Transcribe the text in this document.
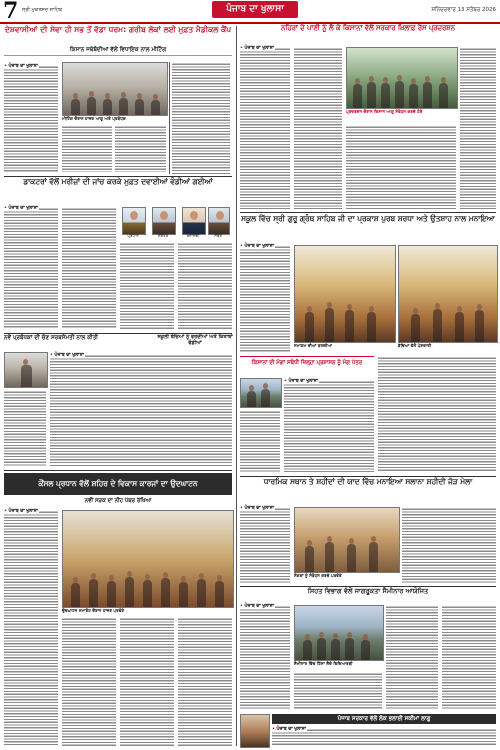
7 ਸ੍ਰੀ ਮੁਕਤਸਰ ਸਾਹਿਬ	ਪੰਜਾਬ ਦਾ ਖੁਲਾਸਾ	ਸ਼ਨਿਚਰਵਾਰ 13 ਸਤੰਬਰ 2026
ਦੇਸ਼ਵਾਸੀਆਂ ਦੀ ਸੇਵਾ ਹੀ ਸਭ ਤੋਂ ਵੱਡਾ ਧਰਮ: ਗਰੀਬ ਲੋਕਾਂ ਲਈ ਮੁਫ਼ਤ ਮੈਡੀਕਲ ਕੈਂਪ
ਕਿਸਾਨ ਜਥੇਬੰਦੀਆਂ ਵੱਲੋਂ ਵਿਧਾਇਕ ਨਾਲ ਮੀਟਿੰਗ
• ਪੰਜਾਬ ਦਾ ਖੁਲਾਸਾ
ਮੀਟਿੰਗ ਦੌਰਾਨ ਹਾਜ਼ਰ ਆਗੂ ਅਤੇ ਪ੍ਰਬੰਧਕ
ਡਾਕਟਰਾਂ ਵੱਲੋਂ ਮਰੀਜ਼ਾਂ ਦੀ ਜਾਂਚ ਕਰਕੇ ਮੁਫ਼ਤ ਦਵਾਈਆਂ ਵੰਡੀਆਂ ਗਈਆਂ
• ਪੰਜਾਬ ਦਾ ਖੁਲਾਸਾ
ਪ੍ਰਧਾਨ	ਸਕੱਤਰ	ਖਜ਼ਾਨਚੀ	ਮੈਂਬਰ
ਨਵੇਂ ਪ੍ਰਬੰਧਕਾਂ ਦੀ ਚੋਣ ਸਰਬਸੰਮਤੀ ਨਾਲ ਕੀਤੀ
• ਪੰਜਾਬ ਦਾ ਖੁਲਾਸਾ
ਸਕੂਲੀ ਬੱਚਿਆਂ ਨੂੰ ਵਰਦੀਆਂ ਅਤੇ ਕਿਤਾਬਾਂ ਵੰਡੀਆਂ
ਕੌਂਸਲ ਪ੍ਰਧਾਨ ਵੱਲੋਂ ਸ਼ਹਿਰ ਦੇ ਵਿਕਾਸ ਕਾਰਜਾਂ ਦਾ ਉਦਘਾਟਨ
ਨਵੀਂ ਸੜਕ ਦਾ ਨੀਂਹ ਪੱਥਰ ਰੱਖਿਆ
• ਪੰਜਾਬ ਦਾ ਖੁਲਾਸਾ
ਉਦਘਾਟਨ ਸਮਾਰੋਹ ਦੌਰਾਨ ਹਾਜ਼ਰ ਪਤਵੰਤੇ
ਨਹਿਰਾਂ ਦੇ ਪਾਣੀ ਨੂੰ ਲੈ ਕੇ ਕਿਸਾਨਾਂ ਵੱਲੋਂ ਸਰਕਾਰ ਖ਼ਿਲਾਫ਼ ਰੋਸ ਪ੍ਰਦਰਸ਼ਨ
• ਪੰਜਾਬ ਦਾ ਖੁਲਾਸਾ
ਪ੍ਰਦਰਸ਼ਨ ਦੌਰਾਨ ਕਿਸਾਨ ਆਗੂ ਸੰਬੋਧਨ ਕਰਦੇ ਹੋਏ
ਸਕੂਲ ਵਿੱਚ ਸ੍ਰੀ ਗੁਰੂ ਗ੍ਰੰਥ ਸਾਹਿਬ ਜੀ ਦਾ ਪ੍ਰਕਾਸ਼ ਪੁਰਬ ਸ਼ਰਧਾ ਅਤੇ ਉਤਸ਼ਾਹ ਨਾਲ ਮਨਾਇਆ
• ਪੰਜਾਬ ਦਾ ਖੁਲਾਸਾ
ਸਮਾਗਮ ਦੀਆਂ ਝਲਕੀਆਂ	ਬੱਚਿਆਂ ਵੱਲੋਂ ਪੇਸ਼ਕਾਰੀ
ਕਿਸਾਨਾਂ ਦੀ ਮੰਗਾਂ ਸਬੰਧੀ ਜ਼ਿਲ੍ਹਾ ਪ੍ਰਸ਼ਾਸਨ ਨੂੰ ਮੰਗ ਪੱਤਰ
• ਪੰਜਾਬ ਦਾ ਖੁਲਾਸਾ
ਧਾਰਮਿਕ ਸਥਾਨ ਤੇ ਸ਼ਹੀਦਾਂ ਦੀ ਯਾਦ ਵਿੱਚ ਮਨਾਇਆ ਸਲਾਨਾ ਸ਼ਹੀਦੀ ਜੋੜ ਮੇਲਾ
• ਪੰਜਾਬ ਦਾ ਖੁਲਾਸਾ
ਸੰਗਤਾਂ ਨੂੰ ਸੰਬੋਧਨ ਕਰਦੇ ਪਤਵੰਤੇ
ਸਿਹਤ ਵਿਭਾਗ ਵੱਲੋਂ ਜਾਗਰੂਕਤਾ ਸੈਮੀਨਾਰ ਆਯੋਜਿਤ
• ਪੰਜਾਬ ਦਾ ਖੁਲਾਸਾ
ਸੈਮੀਨਾਰ ਵਿੱਚ ਹਿੱਸਾ ਲੈਂਦੇ ਵਿਦਿਆਰਥੀ
ਪੰਜਾਬ ਸਰਕਾਰ ਵੱਲੋਂ ਲੋਕ ਭਲਾਈ ਸਕੀਮਾਂ ਲਾਗੂ
• ਪੰਜਾਬ ਦਾ ਖੁਲਾਸਾ
